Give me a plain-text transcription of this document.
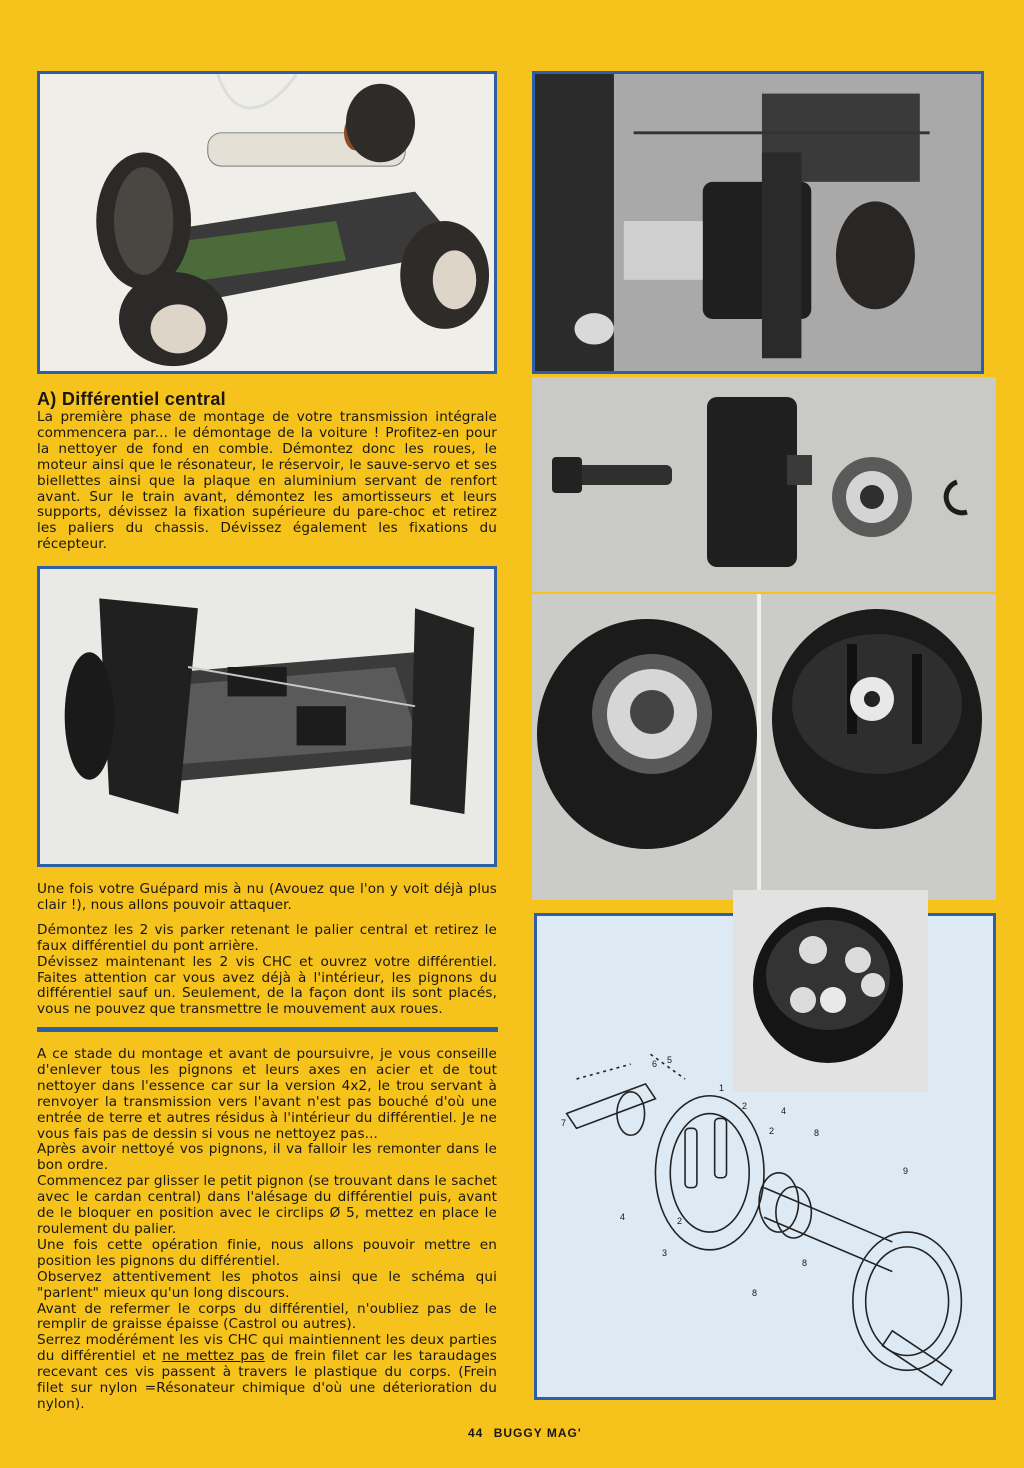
A) Différentiel central

La première phase de montage de votre transmission intégrale commencera par... le démontage de la voiture ! Profitez-en pour la nettoyer de fond en comble. Démontez donc les roues, le moteur ainsi que le résonateur, le réservoir, le sauve-servo et ses biellettes ainsi que la plaque en aluminium servant de renfort avant. Sur le train avant, démontez les amortisseurs et leurs supports, dévissez la fixation supérieure du pare-choc et retirez les paliers du chassis. Dévissez également les fixations du récepteur.

Une fois votre Guépard mis à nu (Avouez que l'on y voit déjà plus clair !), nous allons pouvoir attaquer.

Démontez les 2 vis parker retenant le palier central et retirez le faux différentiel du pont arrière.

Dévissez maintenant les 2 vis CHC et ouvrez votre différentiel. Faites attention car vous avez déjà à l'intérieur, les pignons du différentiel sauf un. Seulement, de la façon dont ils sont placés, vous ne pouvez que transmettre le mouvement aux roues.

A ce stade du montage et avant de poursuivre, je vous conseille d'enlever tous les pignons et leurs axes en acier et de tout nettoyer dans l'essence car sur la version 4x2, le trou servant à renvoyer la transmission vers l'avant n'est pas bouché d'où une entrée de terre et autres résidus à l'intérieur du différentiel. Je ne vous fais pas de dessin si vous ne nettoyez pas...

Après avoir nettoyé vos pignons, il va falloir les remonter dans le bon ordre.

Commencez par glisser le petit pignon (se trouvant dans le sachet avec le cardan central) dans l'alésage du différentiel puis, avant de le bloquer en position avec le circlips Ø 5, mettez en place le roulement du palier.

Une fois cette opération finie, nous allons pouvoir mettre en position les pignons du différentiel.

Observez attentivement les photos ainsi que le schéma qui "parlent" mieux qu'un long discours.

Avant de refermer le corps du différentiel, n'oubliez pas de le remplir de graisse épaisse (Castrol ou autres).

Serrez modérément les vis CHC qui maintiennent les deux parties du différentiel et ne mettez pas de frein filet car les taraudages recevant ces vis passent à travers le plastique du corps. (Frein filet sur nylon =Résonateur chimique d'où une déterioration du nylon).

1
2
2
3
4
4
5
6
7
8
8
8
9
2
44 BUGGY MAG'
